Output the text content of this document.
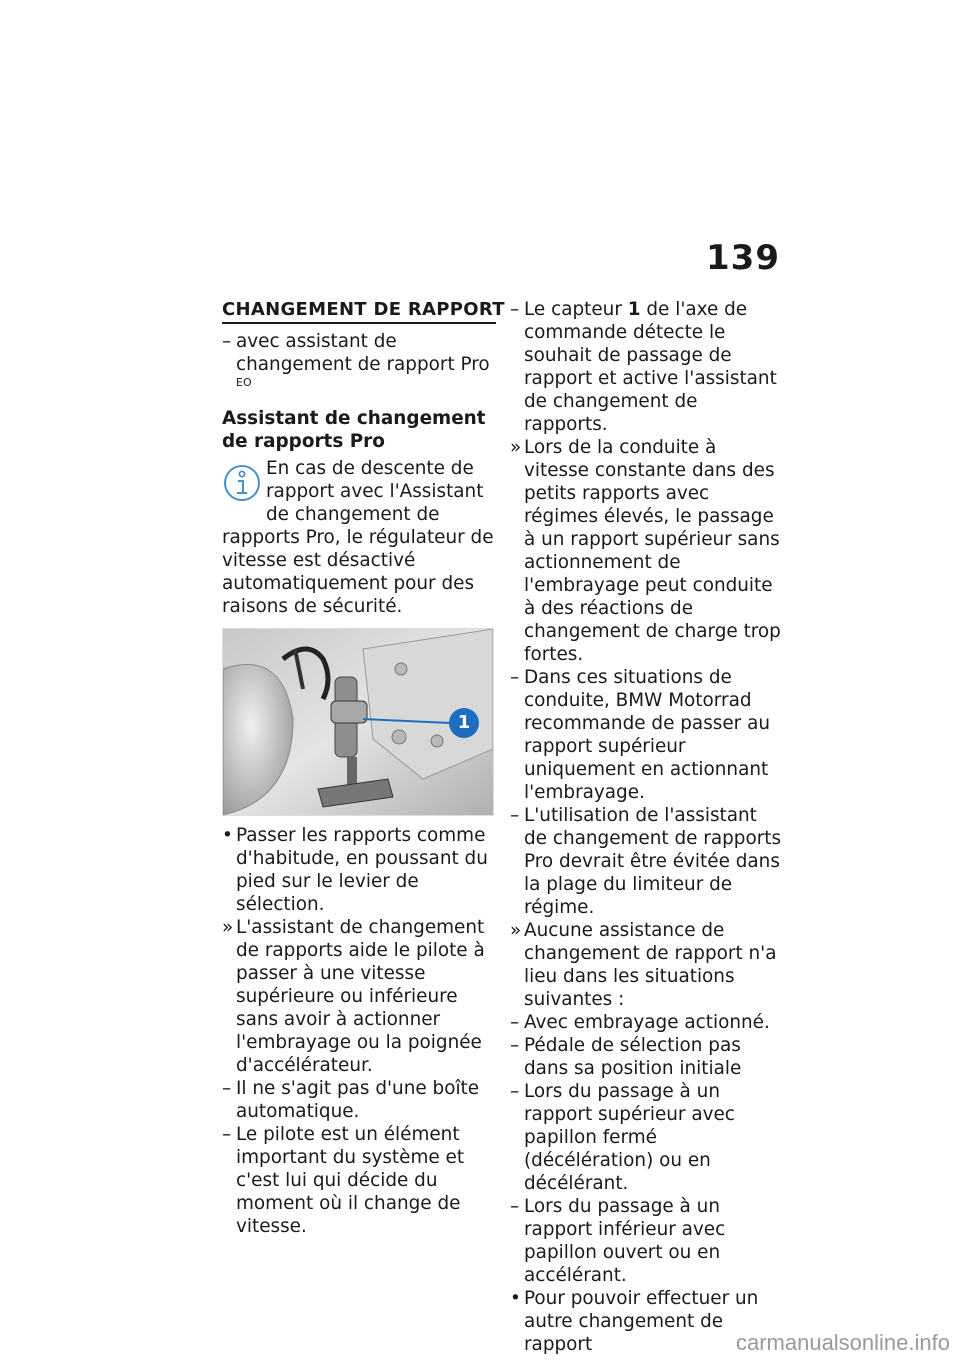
139
CHANGEMENT DE RAPPORT
– avec assistant de changement de rapport Pro $^{EO}$
Assistant de changement de rapports Pro
En cas de descente de rapport avec l'Assistant de changement de rapports Pro, le régulateur de vitesse est désactivé automatiquement pour des raisons de sécurité.
1
• Passer les rapports comme d'habitude, en poussant du pied sur le levier de sélection.
» L'assistant de changement de rapports aide le pilote à passer à une vitesse supérieure ou inférieure sans avoir à actionner l'embrayage ou la poignée d'accélérateur.
– Il ne s'agit pas d'une boîte automatique.
– Le pilote est un élément important du système et c'est lui qui décide du moment où il change de vitesse.
– Le capteur 1 de l'axe de commande détecte le souhait de passage de rapport et active l'assistant de changement de rapports.
» Lors de la conduite à vitesse constante dans des petits rapports avec régimes élevés, le passage à un rapport supérieur sans actionnement de l'embrayage peut conduite à des réactions de changement de charge trop fortes.
– Dans ces situations de conduite, BMW Motorrad recommande de passer au rapport supérieur uniquement en actionnant l'embrayage.
– L'utilisation de l'assistant de changement de rapports Pro devrait être évitée dans la plage du limiteur de régime.
» Aucune assistance de changement de rapport n'a lieu dans les situations suivantes :
– Avec embrayage actionné.
– Pédale de sélection pas dans sa position initiale
– Lors du passage à un rapport supérieur avec papillon fermé (décélération) ou en décélérant.
– Lors du passage à un rapport inférieur avec papillon ouvert ou en accélérant.
• Pour pouvoir effectuer un autre changement de rapport	carmanualsonline.info
